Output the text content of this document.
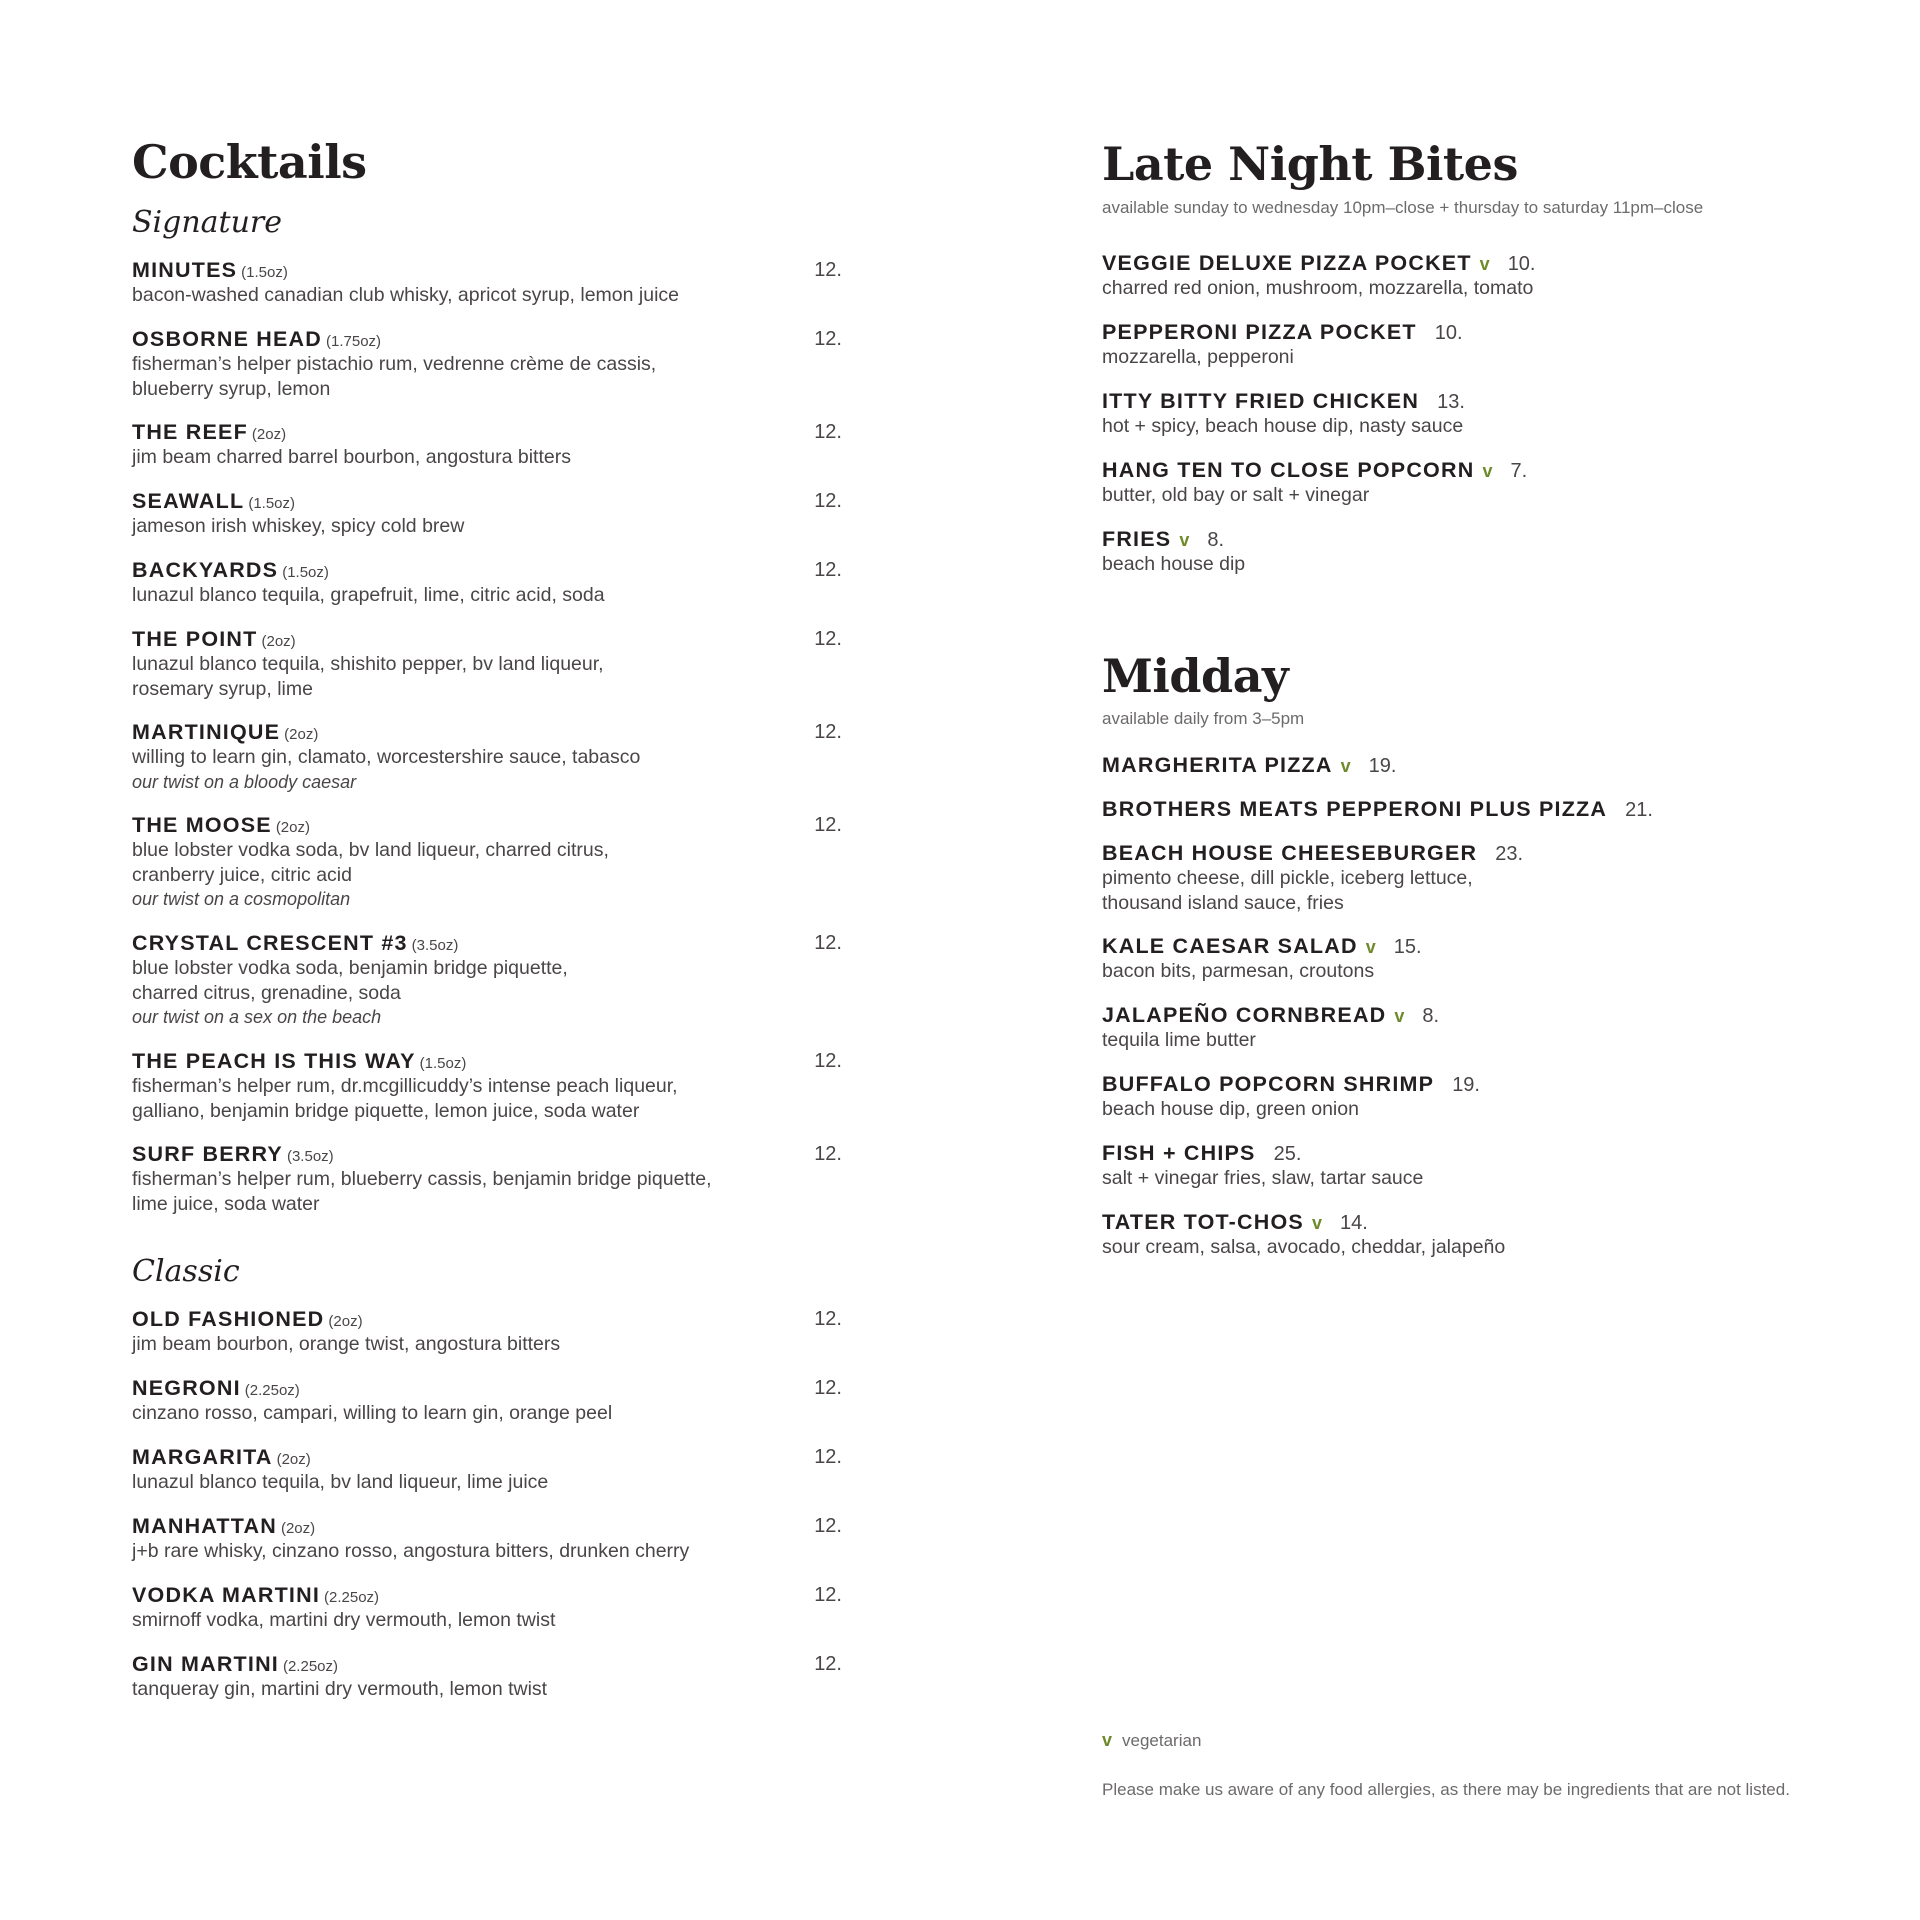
Cocktails
Signature
MINUTES (1.5oz)	12.
bacon-washed canadian club whisky, apricot syrup, lemon juice
OSBORNE HEAD (1.75oz)	12.
fisherman’s helper pistachio rum, vedrenne crème de cassis,
blueberry syrup, lemon
THE REEF (2oz)	12.
jim beam charred barrel bourbon, angostura bitters
SEAWALL (1.5oz)	12.
jameson irish whiskey, spicy cold brew
BACKYARDS (1.5oz)	12.
lunazul blanco tequila, grapefruit, lime, citric acid, soda
THE POINT (2oz)	12.
lunazul blanco tequila, shishito pepper, bv land liqueur,
rosemary syrup, lime
MARTINIQUE (2oz)	12.
willing to learn gin, clamato, worcestershire sauce, tabasco
our twist on a bloody caesar
THE MOOSE (2oz)	12.
blue lobster vodka soda, bv land liqueur, charred citrus,
cranberry juice, citric acid
our twist on a cosmopolitan
CRYSTAL CRESCENT #3 (3.5oz)	12.
blue lobster vodka soda, benjamin bridge piquette,
charred citrus, grenadine, soda
our twist on a sex on the beach
THE PEACH IS THIS WAY (1.5oz)	12.
fisherman’s helper rum, dr.mcgillicuddy’s intense peach liqueur,
galliano, benjamin bridge piquette, lemon juice, soda water
SURF BERRY (3.5oz)	12.
fisherman’s helper rum, blueberry cassis, benjamin bridge piquette,
lime juice, soda water
Classic
OLD FASHIONED (2oz)	12.
jim beam bourbon, orange twist, angostura bitters
NEGRONI (2.25oz)	12.
cinzano rosso, campari, willing to learn gin, orange peel
MARGARITA (2oz)	12.
lunazul blanco tequila, bv land liqueur, lime juice
MANHATTAN (2oz)	12.
j+b rare whisky, cinzano rosso, angostura bitters, drunken cherry
VODKA MARTINI (2.25oz)	12.
smirnoff vodka, martini dry vermouth, lemon twist
GIN MARTINI (2.25oz)	12.
tanqueray gin, martini dry vermouth, lemon twist
Late Night Bites
available sunday to wednesday 10pm–close + thursday to saturday 11pm–close
VEGGIE DELUXE PIZZA POCKET v 10.
charred red onion, mushroom, mozzarella, tomato
PEPPERONI PIZZA POCKET 10.
mozzarella, pepperoni
ITTY BITTY FRIED CHICKEN 13.
hot + spicy, beach house dip, nasty sauce
HANG TEN TO CLOSE POPCORN v 7.
butter, old bay or salt + vinegar
FRIES v 8.
beach house dip
Midday
available daily from 3–5pm
MARGHERITA PIZZA v 19.
BROTHERS MEATS PEPPERONI PLUS PIZZA 21.
BEACH HOUSE CHEESEBURGER 23.
pimento cheese, dill pickle, iceberg lettuce,
thousand island sauce, fries
KALE CAESAR SALAD v 15.
bacon bits, parmesan, croutons
JALAPEÑO CORNBREAD v 8.
tequila lime butter
BUFFALO POPCORN SHRIMP 19.
beach house dip, green onion
FISH + CHIPS 25.
salt + vinegar fries, slaw, tartar sauce
TATER TOT-CHOS v 14.
sour cream, salsa, avocado, cheddar, jalapeño
v vegetarian
Please make us aware of any food allergies, as there may be ingredients that are not listed.
